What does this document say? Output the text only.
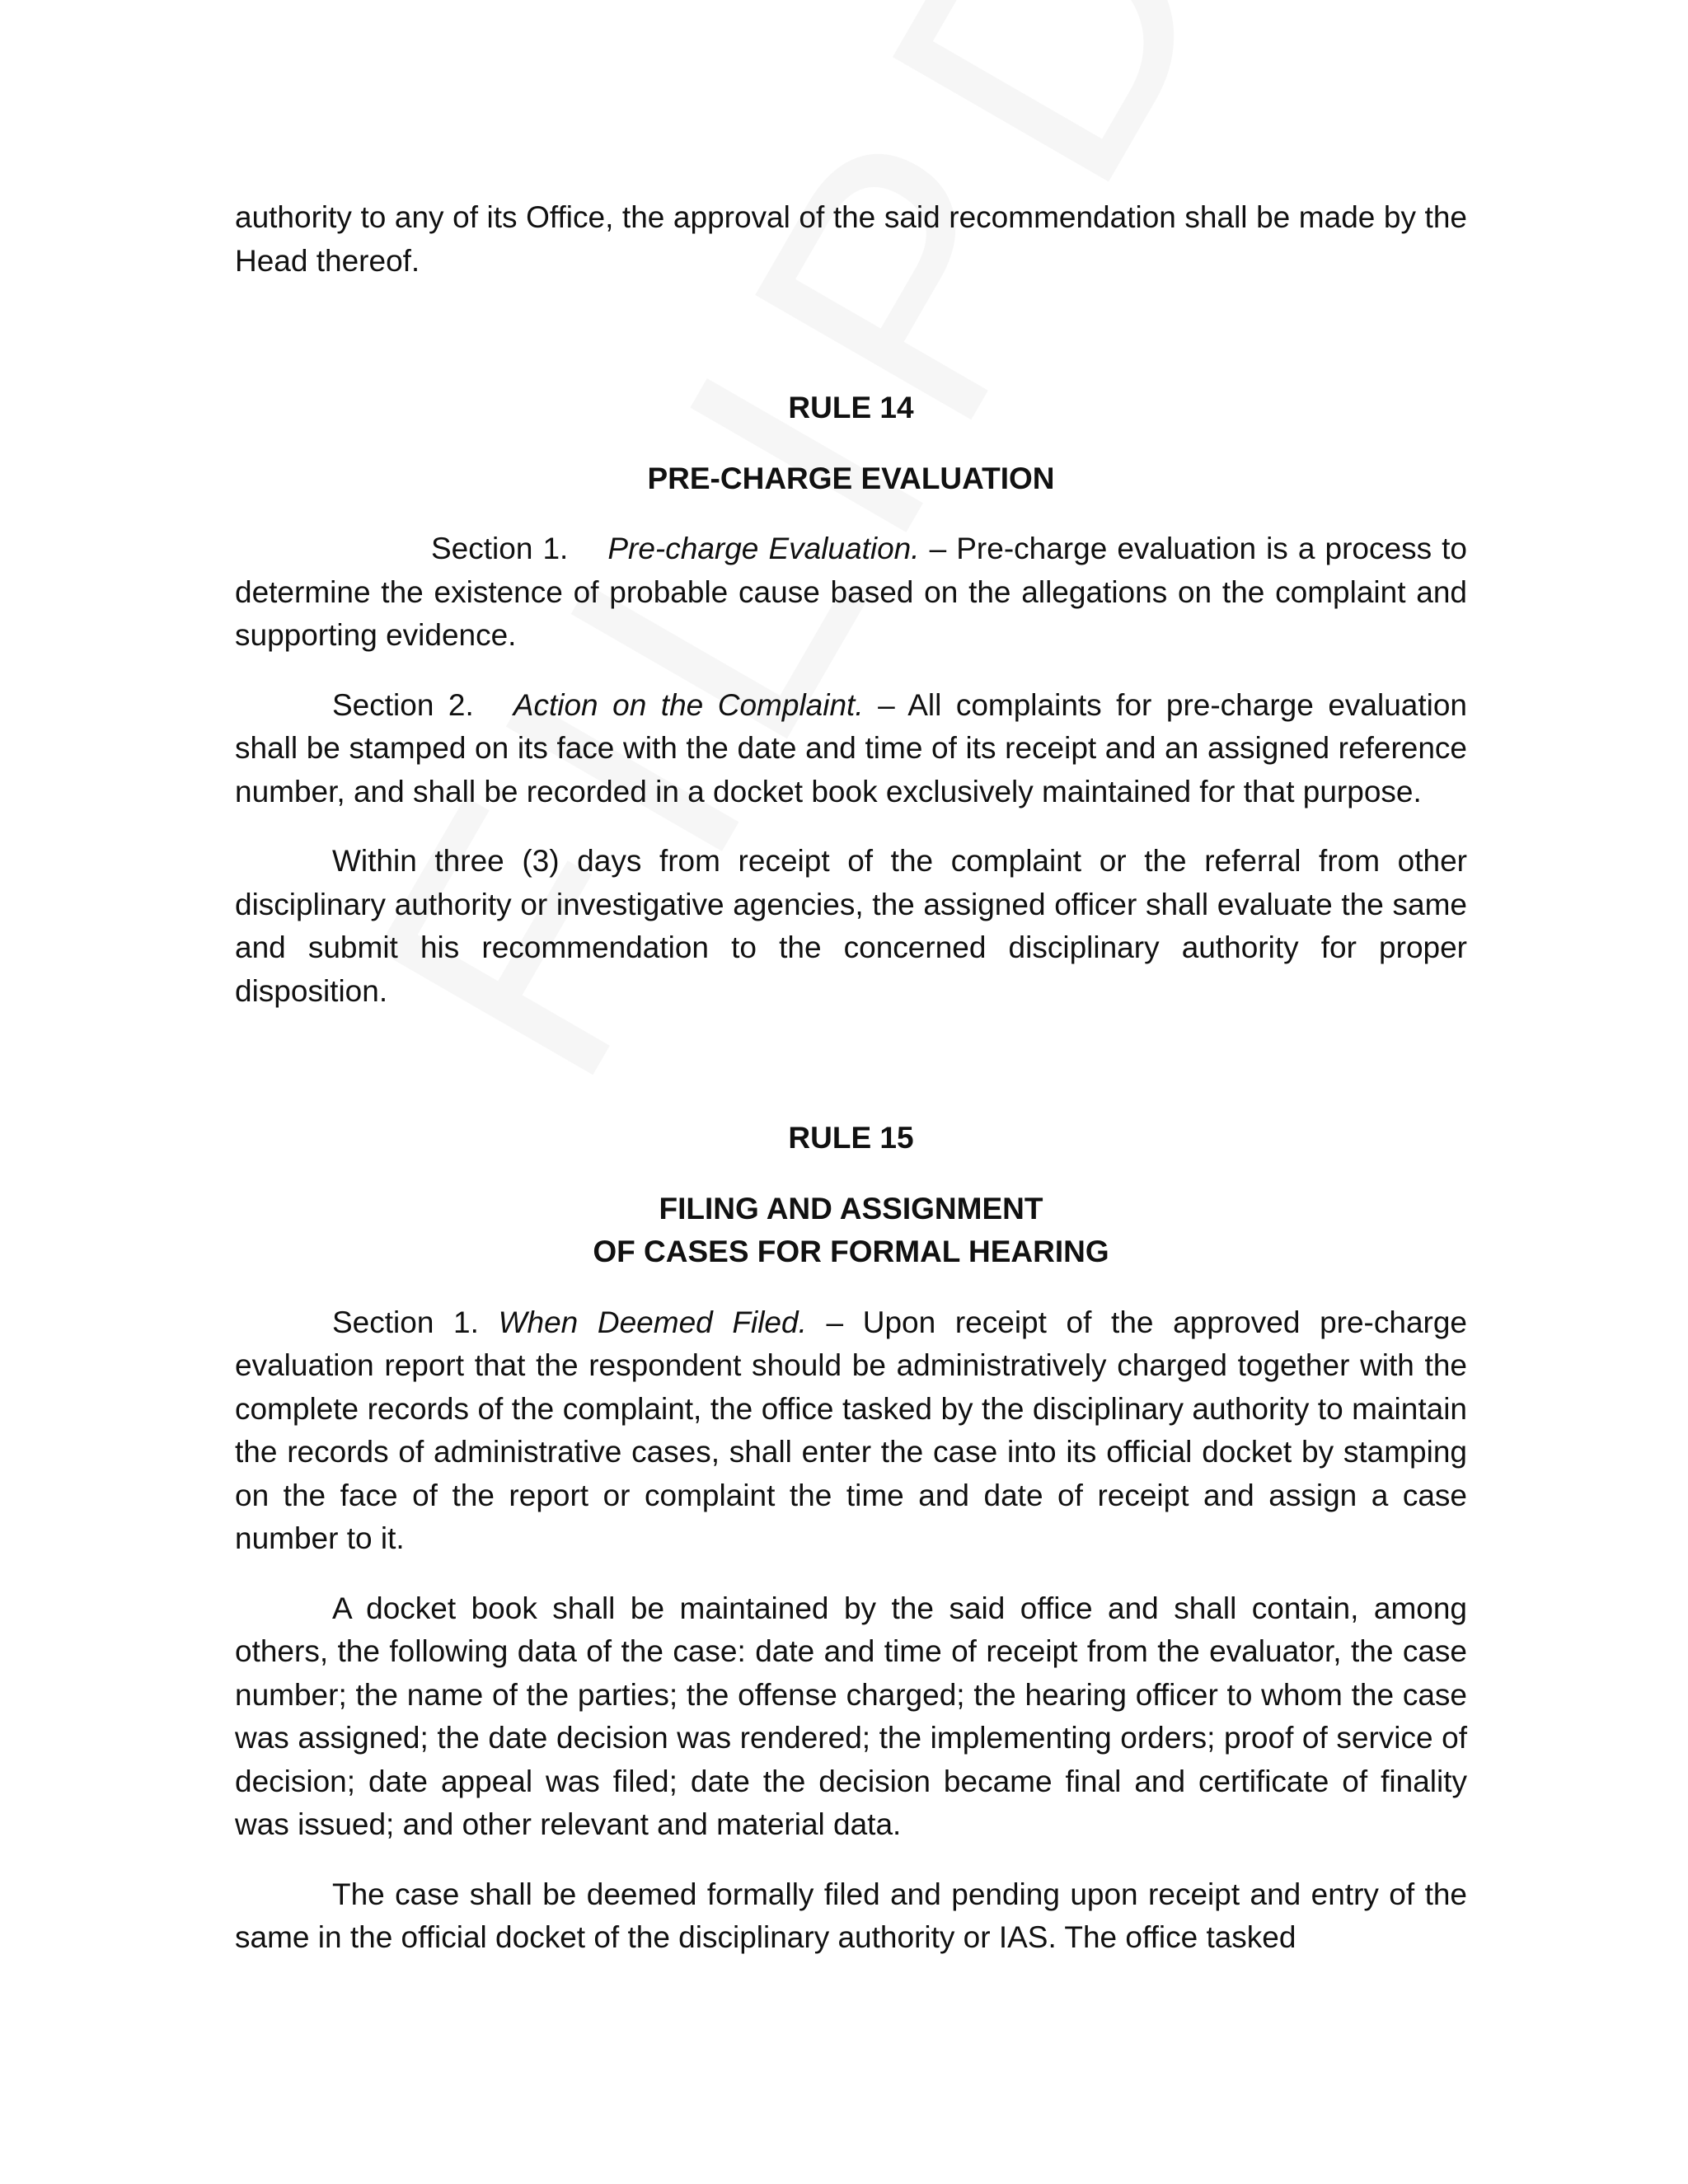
authority to any of its Office, the approval of the said recommendation shall be made by the Head thereof.

RULE 14

PRE-CHARGE EVALUATION

Section 1. Pre-charge Evaluation. – Pre-charge evaluation is a process to determine the existence of probable cause based on the allegations on the complaint and supporting evidence.

Section 2. Action on the Complaint. – All complaints for pre-charge evaluation shall be stamped on its face with the date and time of its receipt and an assigned reference number, and shall be recorded in a docket book exclusively maintained for that purpose.

Within three (3) days from receipt of the complaint or the referral from other disciplinary authority or investigative agencies, the assigned officer shall evaluate the same and submit his recommendation to the concerned disciplinary authority for proper disposition.

RULE 15

FILING AND ASSIGNMENT

OF CASES FOR FORMAL HEARING

Section 1. When Deemed Filed. – Upon receipt of the approved pre-charge evaluation report that the respondent should be administratively charged together with the complete records of the complaint, the office tasked by the disciplinary authority to maintain the records of administrative cases, shall enter the case into its official docket by stamping on the face of the report or complaint the time and date of receipt and assign a case number to it.

A docket book shall be maintained by the said office and shall contain, among others, the following data of the case: date and time of receipt from the evaluator, the case number; the name of the parties; the offense charged; the hearing officer to whom the case was assigned; the date decision was rendered; the implementing orders; proof of service of decision; date appeal was filed; date the decision became final and certificate of finality was issued; and other relevant and material data.

The case shall be deemed formally filed and pending upon receipt and entry of the same in the official docket of the disciplinary authority or IAS. The office tasked
